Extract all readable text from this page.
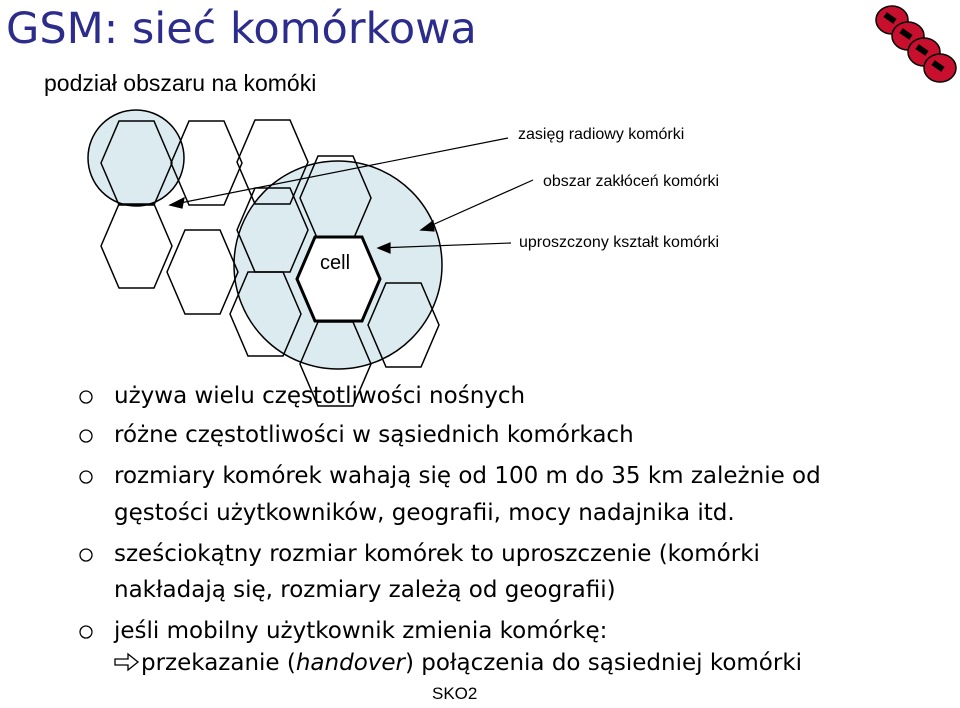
GSM: sieć komórkowa
podział obszaru na komóki
cell
zasięg radiowy komórki
obszar zakłóceń komórki
uproszczony kształt komórki
używa wielu częstotliwości nośnych
różne częstotliwości w sąsiednich komórkach
rozmiary komórek wahają się od 100 m do 35 km zależnie od
gęstości użytkowników, geografii, mocy nadajnika itd.
sześciokątny rozmiar komórek to uproszczenie (komórki
nakładają się, rozmiary zależą od geografii)
jeśli mobilny użytkownik zmienia komórkę:
przekazanie (handover) połączenia do sąsiedniej komórki
SKO2
